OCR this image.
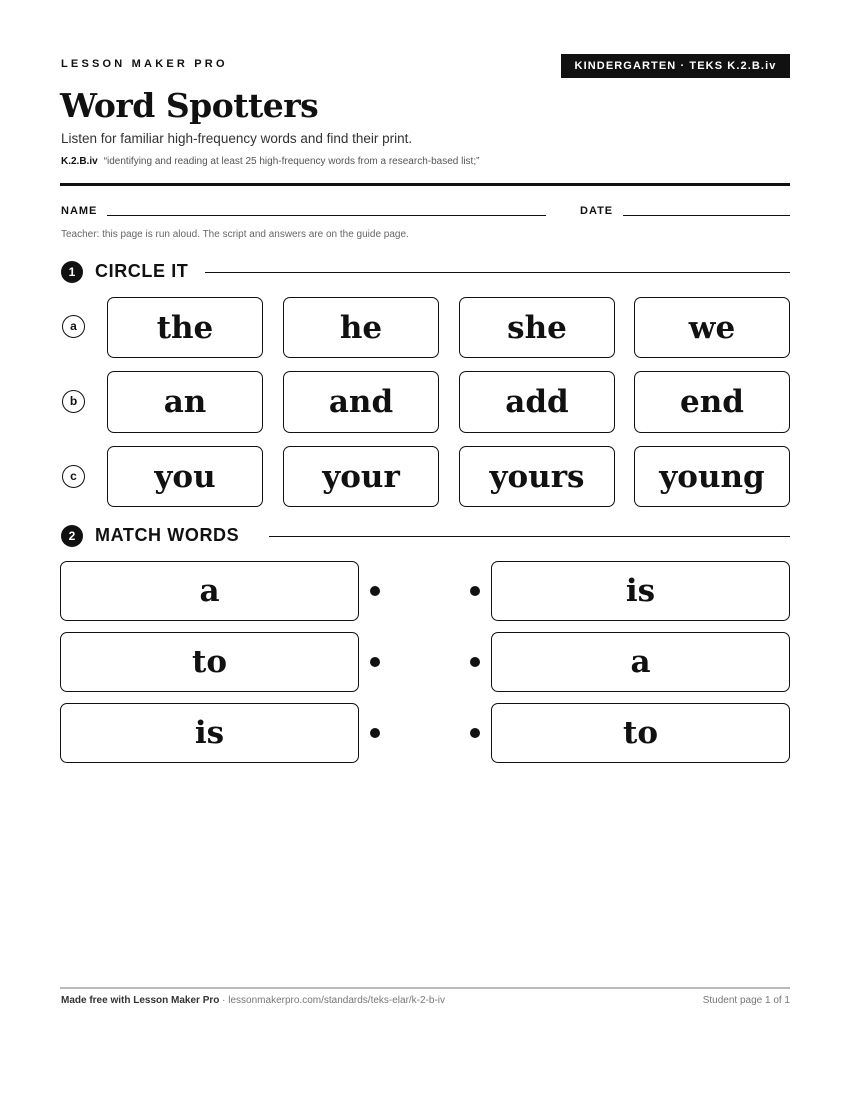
LESSON MAKER PRO	KINDERGARTEN · TEKS K.2.B.iv
Word Spotters
Listen for familiar high-frequency words and find their print.
K.2.B.iv “identifying and reading at least 25 high-frequency words from a research-based list;”
NAME	DATE
Teacher: this page is run aloud. The script and answers are on the guide page.
1	CIRCLE IT
a	the	he	she	we
b	an	and	add	end
c	you	your	yours	young
2	MATCH WORDS
a	is
to	a
is	to
Made free with Lesson Maker Pro · lessonmakerpro.com/standards/teks-elar/k-2-b-iv	Student page 1 of 1
